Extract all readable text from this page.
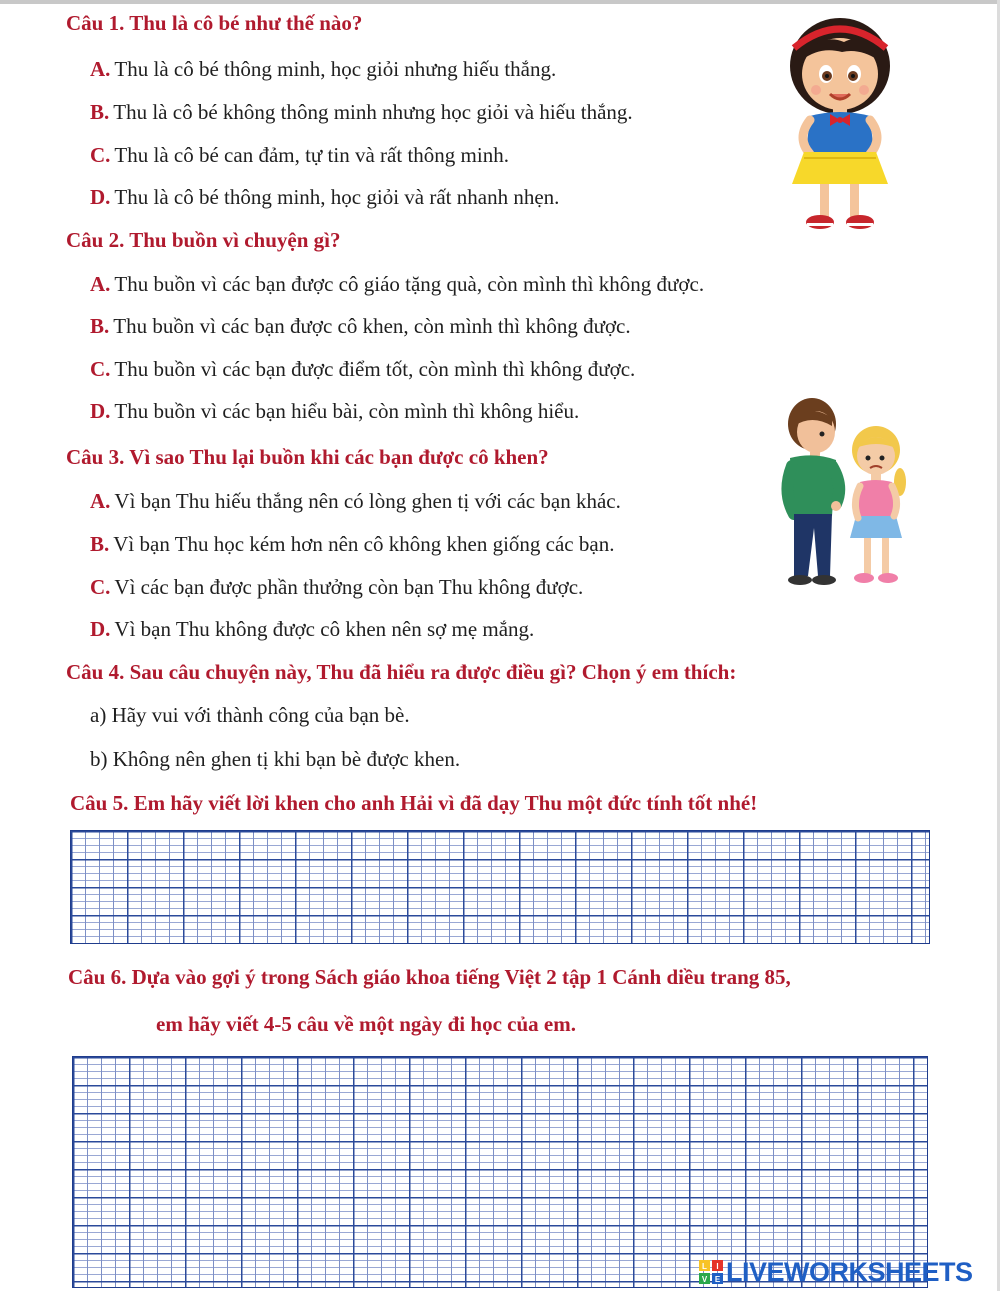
Câu 1. Thu là cô bé như thế nào?
A. Thu là cô bé thông minh, học giỏi nhưng hiếu thắng.
B. Thu là cô bé không thông minh nhưng học giỏi và hiếu thắng.
C. Thu là cô bé can đảm, tự tin và rất thông minh.
D. Thu là cô bé thông minh, học giỏi và rất nhanh nhẹn.
Câu 2. Thu buồn vì chuyện gì?
A. Thu buồn vì các bạn được cô giáo tặng quà, còn mình thì không được.
B. Thu buồn vì các bạn được cô khen, còn mình thì không được.
C. Thu buồn vì các bạn được điểm tốt, còn mình thì không được.
D. Thu buồn vì các bạn hiểu bài, còn mình thì không hiểu.
Câu 3. Vì sao Thu lại buồn khi các bạn được cô khen?
A. Vì bạn Thu hiếu thắng nên có lòng ghen tị với các bạn khác.
B. Vì bạn Thu học kém hơn nên cô không khen giống các bạn.
C. Vì các bạn được phần thưởng còn bạn Thu không được.
D. Vì bạn Thu không được cô khen nên sợ mẹ mắng.
Câu 4. Sau câu chuyện này, Thu đã hiểu ra được điều gì? Chọn ý em thích:
a) Hãy vui với thành công của bạn bè.
b) Không nên ghen tị khi bạn bè được khen.
Câu 5. Em hãy viết lời khen cho anh Hải vì đã dạy Thu một đức tính tốt nhé!
Câu 6. Dựa vào gợi ý trong Sách giáo khoa tiếng Việt 2 tập 1 Cánh diều trang 85,
em hãy viết 4-5 câu về một ngày đi học của em.
L I
V E LIVEWORKSHEETS
